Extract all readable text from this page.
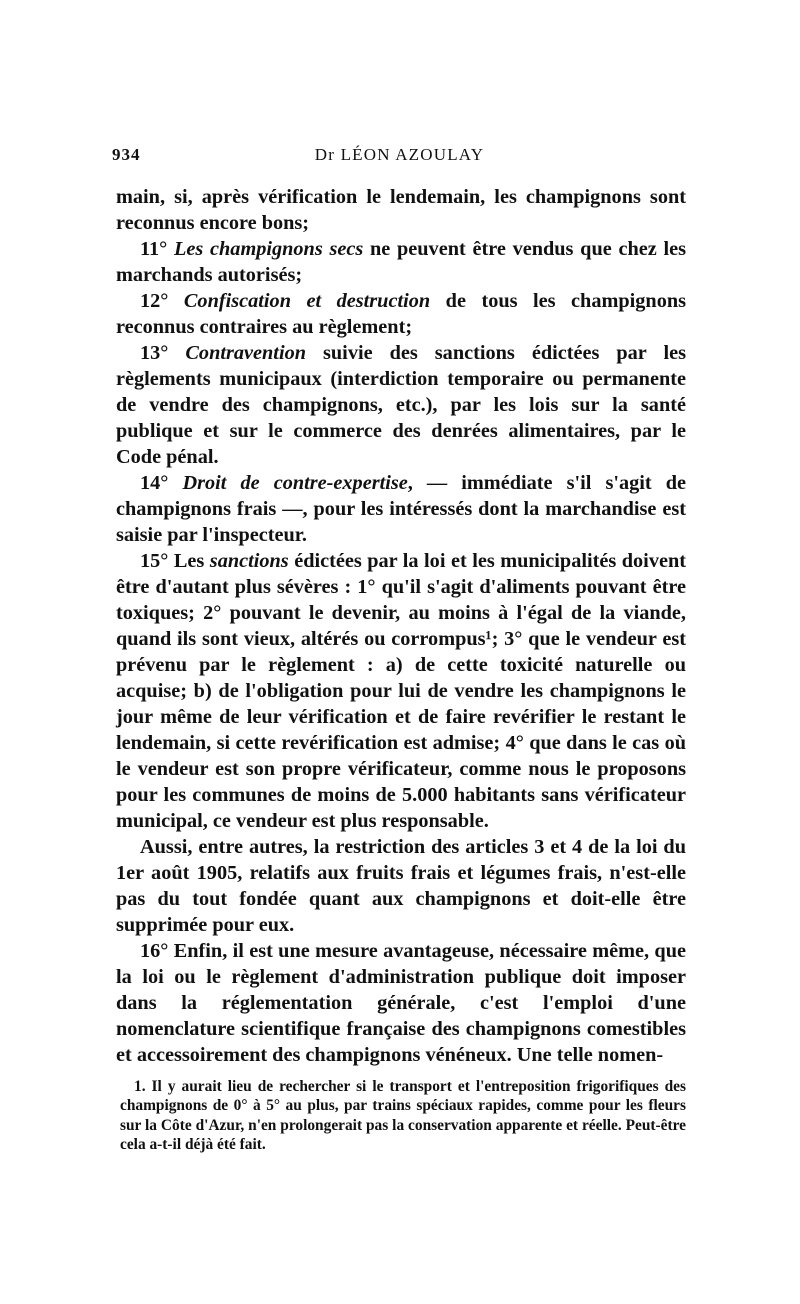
934	Dr LÉON AZOULAY

main, si, après vérification le lendemain, les champignons sont reconnus encore bons;

11° Les champignons secs ne peuvent être vendus que chez les marchands autorisés;

12° Confiscation et destruction de tous les champignons reconnus contraires au règlement;

13° Contravention suivie des sanctions édictées par les règlements municipaux (interdiction temporaire ou permanente de vendre des champignons, etc.), par les lois sur la santé publique et sur le commerce des denrées alimentaires, par le Code pénal.

14° Droit de contre-expertise, — immédiate s'il s'agit de champignons frais —, pour les intéressés dont la marchandise est saisie par l'inspecteur.

15° Les sanctions édictées par la loi et les municipalités doivent être d'autant plus sévères : 1° qu'il s'agit d'aliments pouvant être toxiques; 2° pouvant le devenir, au moins à l'égal de la viande, quand ils sont vieux, altérés ou corrompus¹; 3° que le vendeur est prévenu par le règlement : a) de cette toxicité naturelle ou acquise; b) de l'obligation pour lui de vendre les champignons le jour même de leur vérification et de faire revérifier le restant le lendemain, si cette revérification est admise; 4° que dans le cas où le vendeur est son propre vérificateur, comme nous le proposons pour les communes de moins de 5.000 habitants sans vérificateur municipal, ce vendeur est plus responsable.

Aussi, entre autres, la restriction des articles 3 et 4 de la loi du 1er août 1905, relatifs aux fruits frais et légumes frais, n'est-elle pas du tout fondée quant aux champignons et doit-elle être supprimée pour eux.

16° Enfin, il est une mesure avantageuse, nécessaire même, que la loi ou le règlement d'administration publique doit imposer dans la réglementation générale, c'est l'emploi d'une nomenclature scientifique française des champignons comestibles et accessoirement des champignons vénéneux. Une telle nomen-

1. Il y aurait lieu de rechercher si le transport et l'entreposition frigorifiques des champignons de 0° à 5° au plus, par trains spéciaux rapides, comme pour les fleurs sur la Côte d'Azur, n'en prolongerait pas la conservation apparente et réelle. Peut-être cela a-t-il déjà été fait.
